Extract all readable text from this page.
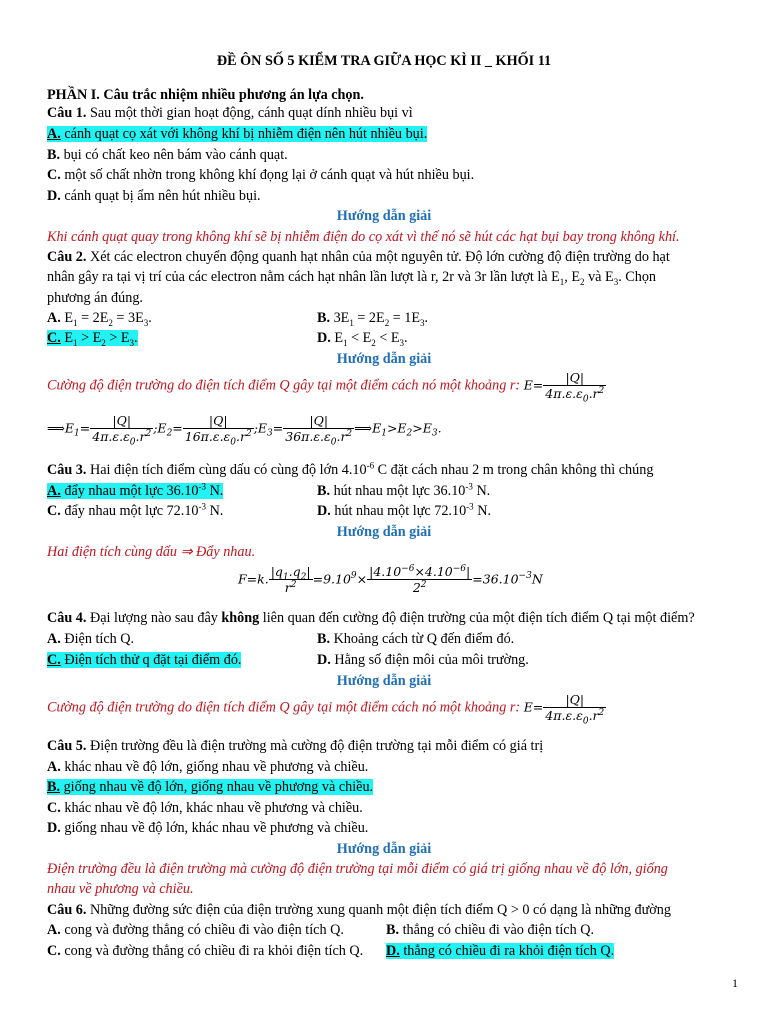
ĐỀ ÔN SỐ 5 KIỂM TRA GIỮA HỌC KÌ II _ KHỐI 11
PHẦN I. Câu trắc nhiệm nhiều phương án lựa chọn.
Câu 1. Sau một thời gian hoạt động, cánh quạt dính nhiều bụi vì
A. cánh quạt cọ xát với không khí bị nhiễm điện nên hút nhiều bụi.
B. bụi có chất keo nên bám vào cánh quạt.
C. một số chất nhờn trong không khí đọng lại ở cánh quạt và hút nhiều bụi.
D. cánh quạt bị ẩm nên hút nhiều bụi.
Hướng dẫn giải
Khi cánh quạt quay trong không khí sẽ bị nhiễm điện do cọ xát vì thế nó sẽ hút các hạt bụi bay trong không khí.
Câu 2. Xét các electron chuyển động quanh hạt nhân của một nguyên tử. Độ lớn cường độ điện trường do hạt
nhân gây ra tại vị trí của các electron nằm cách hạt nhân lần lượt là r, 2r và 3r lần lượt là $E_1$, $E_2$ và $E_3$. Chọn
phương án đúng.
A. $E_1 = 2E_2 = 3E_3$.	B. $3E_1 = 2E_2 = 1E_3$.
C. $E_1 > E_2 > E_3$.	D. $E_1 < E_2 < E_3$.
Hướng dẫn giải
Cường độ điện trường do điện tích điểm Q gây tại một điểm cách nó một khoảng r: $E= \frac{|Q|}{4\pi.\varepsilon.\varepsilon_0.r^2}$
$⟹E_1= \frac{|Q|}{4\pi.\varepsilon.\varepsilon_0.r^2}$ $;E_2= \frac{|Q|}{16\pi.\varepsilon.\varepsilon_0.r^2}$ $;E_3= \frac{|Q|}{36\pi.\varepsilon.\varepsilon_0.r^2}$ $⟹E_1>E_2>E_3$.
Câu 3. Hai điện tích điểm cùng dấu có cùng độ lớn $4.10^{-6}$ C đặt cách nhau 2 m trong chân không thì chúng
A. đẩy nhau một lực $36.10^{-3}$ N.	B. hút nhau một lực $36.10^{-3}$ N.
C. đẩy nhau một lực $72.10^{-3}$ N.	D. hút nhau một lực $72.10^{-3}$ N.
Hướng dẫn giải
Hai điện tích cùng dấu ⇒ Đẩy nhau.
F=k. $\frac{|q_1.q_2|}{r^2} =9.10^9\times \frac{|4.10^{-6}\times 4.10^{-6}|}{2^2} =36.10^{-3}N$
Câu 4. Đại lượng nào sau đây không liên quan đến cường độ điện trường của một điện tích điểm Q tại một điểm?
A. Điện tích Q.	B. Khoảng cách từ Q đến điểm đó.
C. Điện tích thử q đặt tại điểm đó.	D. Hằng số điện môi của môi trường.
Hướng dẫn giải
Cường độ điện trường do điện tích điểm Q gây tại một điểm cách nó một khoảng r: $E= \frac{|Q|}{4\pi.\varepsilon.\varepsilon_0.r^2}$
Câu 5. Điện trường đều là điện trường mà cường độ điện trường tại mỗi điểm có giá trị
A. khác nhau về độ lớn, giống nhau về phương và chiều.
B. giống nhau về độ lớn, giống nhau về phương và chiều.
C. khác nhau về độ lớn, khác nhau về phương và chiều.
D. giống nhau về độ lớn, khác nhau về phương và chiều.
Hướng dẫn giải
Điện trường đều là điện trường mà cường độ điện trường tại mỗi điểm có giá trị giống nhau về độ lớn, giống
nhau về phương và chiều.
Câu 6. Những đường sức điện của điện trường xung quanh một điện tích điểm Q > 0 có dạng là những đường
A. cong và đường thẳng có chiều đi vào điện tích Q.	B. thẳng có chiều đi vào điện tích Q.
C. cong và đường thẳng có chiều đi ra khỏi điện tích Q. D. thẳng có chiều đi ra khỏi điện tích Q.
1
